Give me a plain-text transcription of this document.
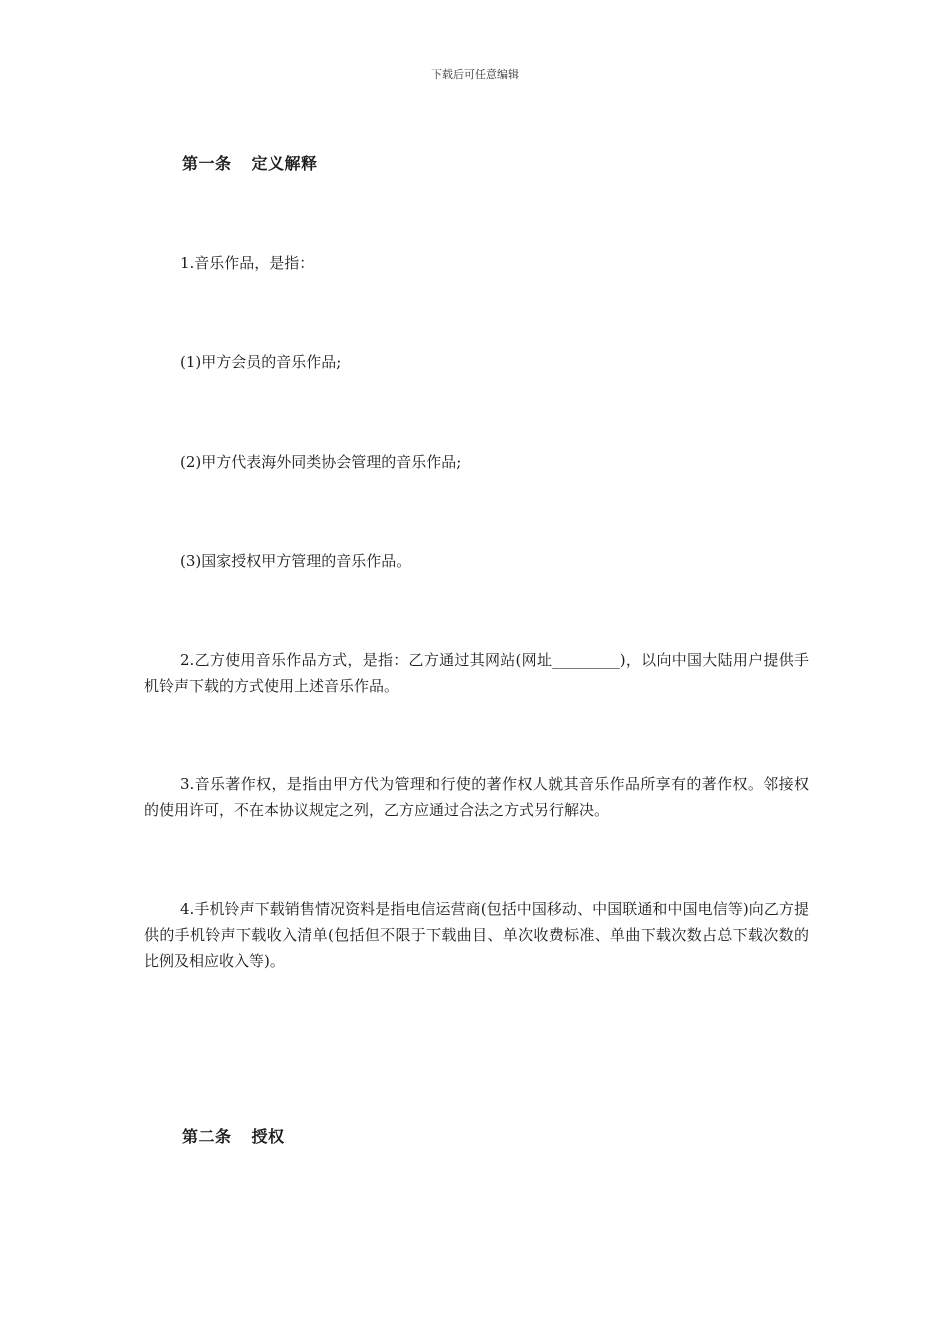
下载后可任意编辑
第一条 定义解释
1.音乐作品，是指：
(1)甲方会员的音乐作品;
(2)甲方代表海外同类协会管理的音乐作品;
(3)国家授权甲方管理的音乐作品。
2.乙方使用音乐作品方式，是指：乙方通过其网站(网址_________)，以向中国大陆用户提供手机铃声下载的方式使用上述音乐作品。
3.音乐著作权，是指由甲方代为管理和行使的著作权人就其音乐作品所享有的著作权。邻接权的使用许可，不在本协议规定之列，乙方应通过合法之方式另行解决。
4.手机铃声下载销售情况资料是指电信运营商(包括中国移动、中国联通和中国电信等)向乙方提供的手机铃声下载收入清单(包括但不限于下载曲目、单次收费标准、单曲下载次数占总下载次数的比例及相应收入等)。
第二条 授权
